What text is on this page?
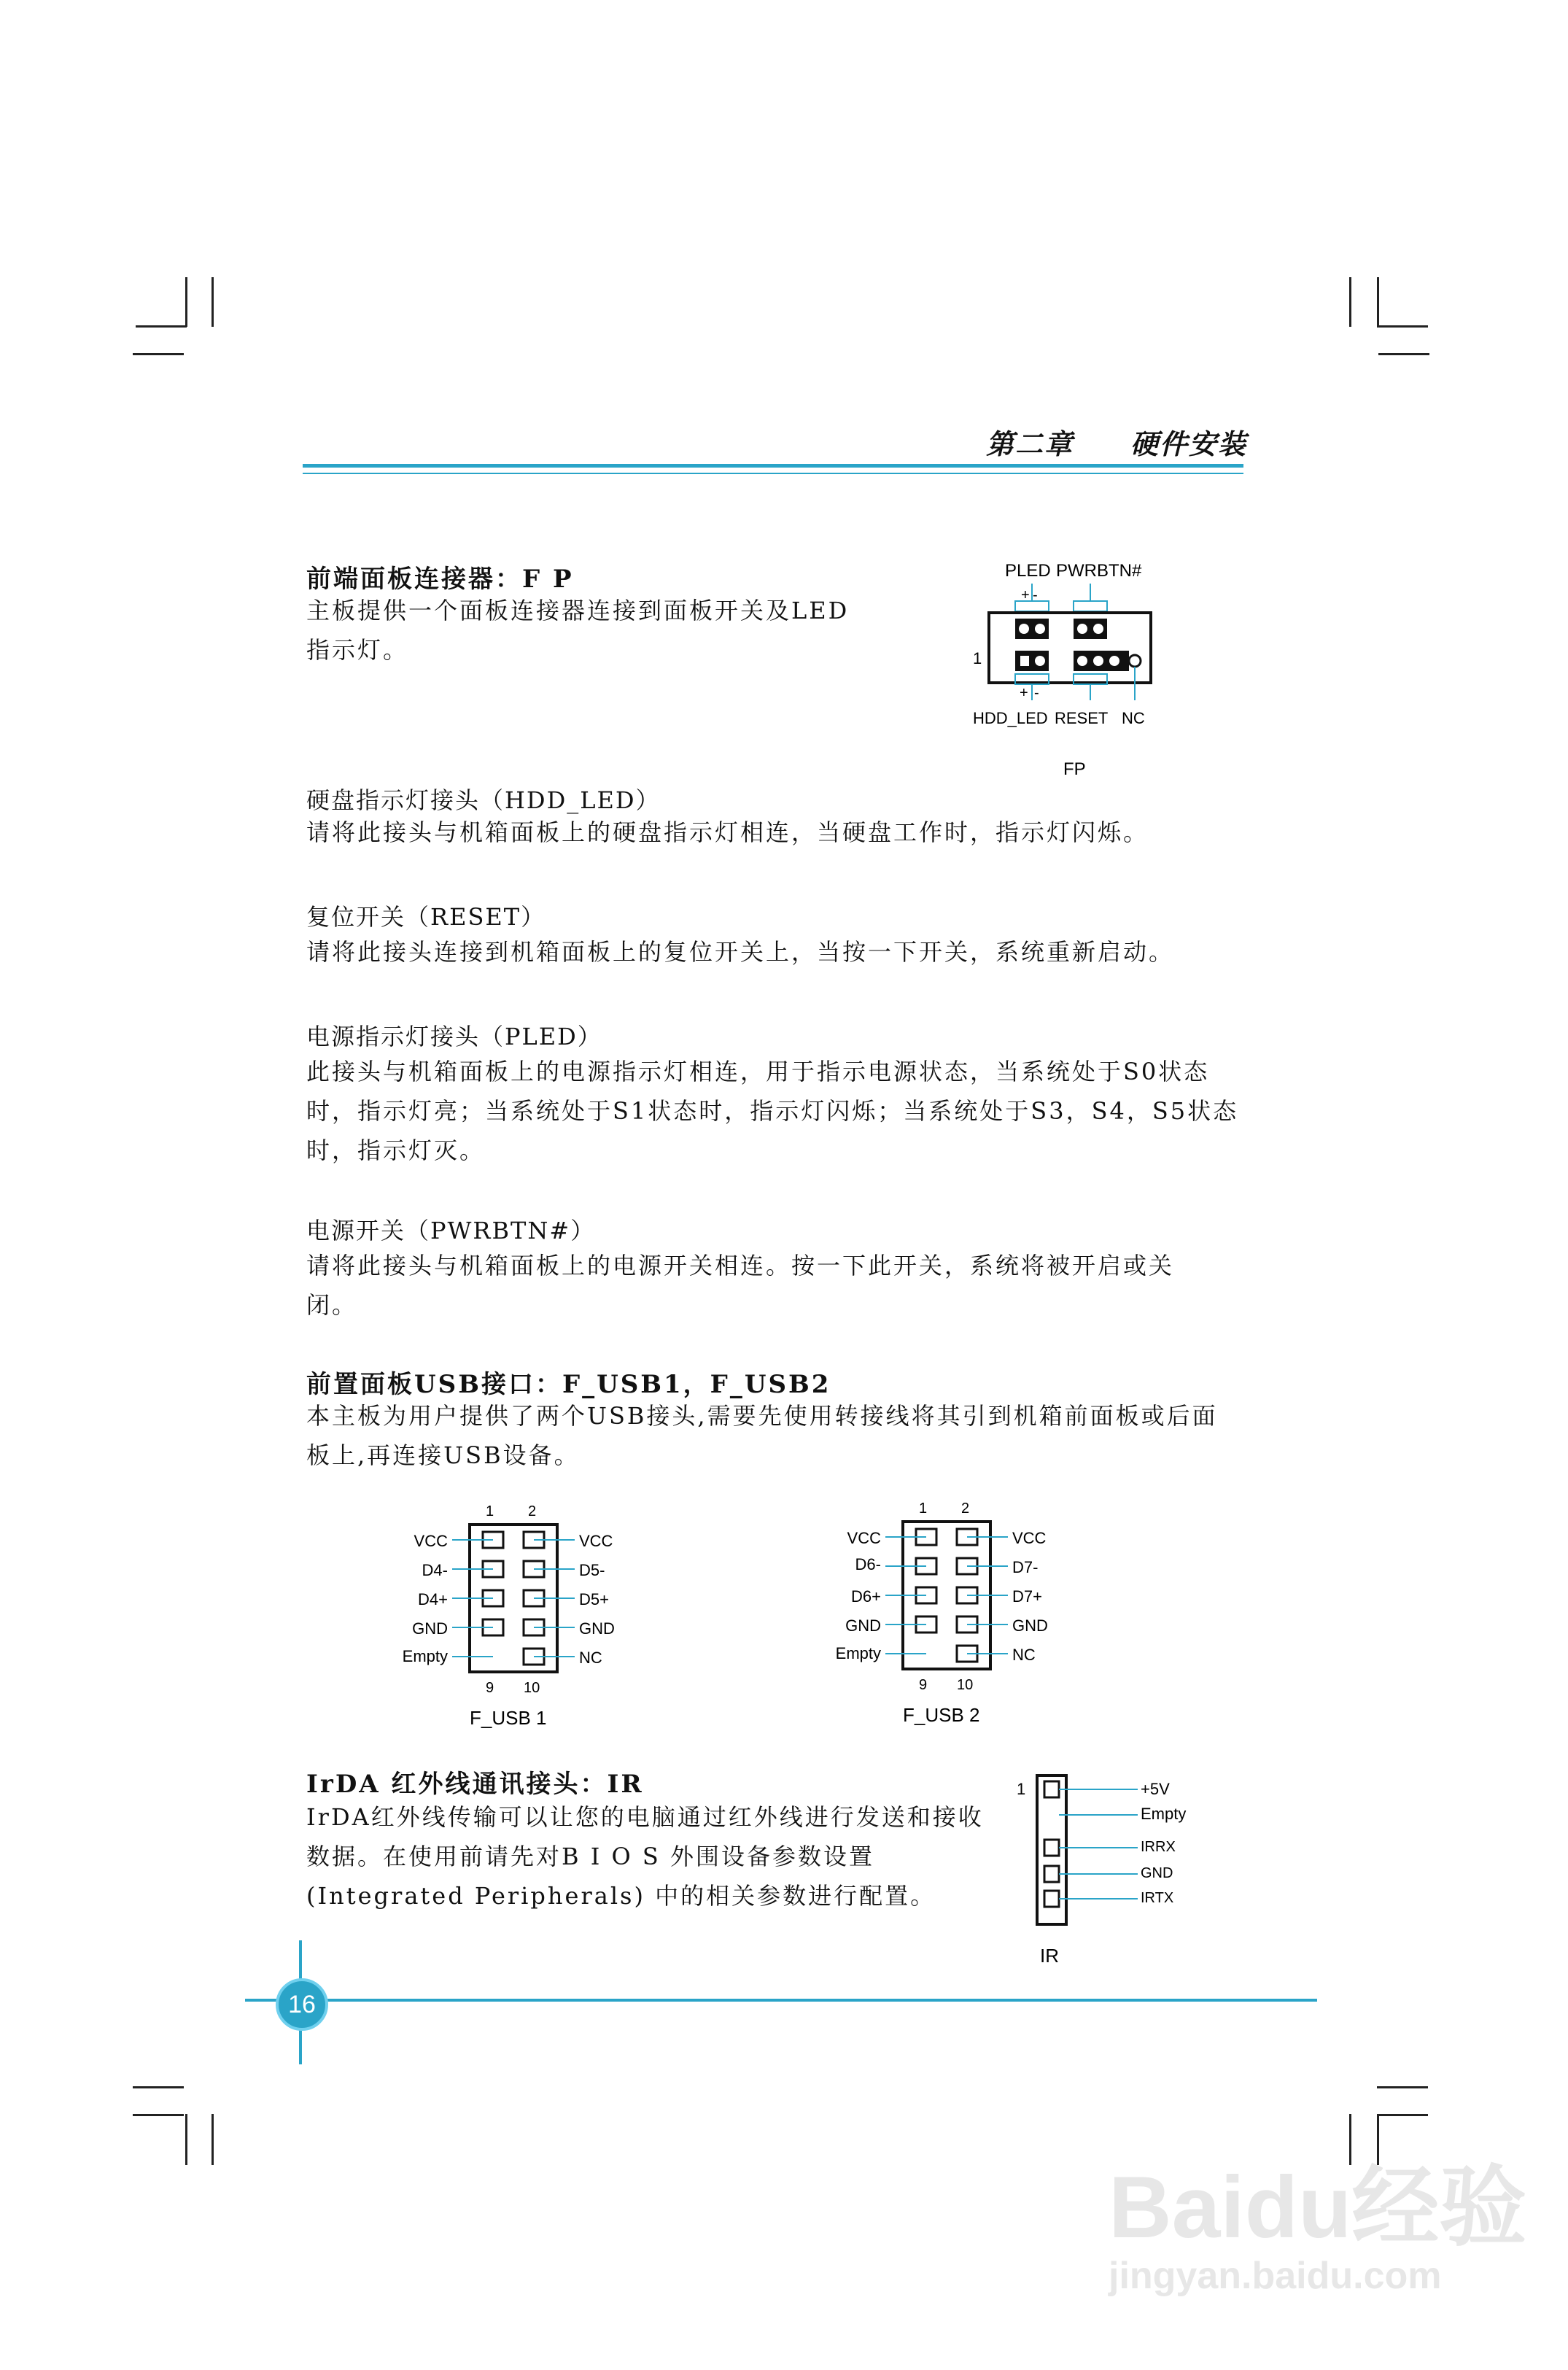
第二章 硬件安装
前端面板连接器：F P
主板提供一个面板连接器连接到面板开关及LED
指示灯。
PLED PWRBTN#
+ -
1
+ -
HDD_LED RESET NC
FP
硬盘指示灯接头（HDD_LED）
请将此接头与机箱面板上的硬盘指示灯相连，当硬盘工作时，指示灯闪烁。
复位开关（RESET）
请将此接头连接到机箱面板上的复位开关上，当按一下开关，系统重新启动。
电源指示灯接头（PLED）
此接头与机箱面板上的电源指示灯相连，用于指示电源状态，当系统处于S0状态
时，指示灯亮；当系统处于S1状态时，指示灯闪烁；当系统处于S3，S4，S5状态
时，指示灯灭。
电源开关（PWRBTN#）
请将此接头与机箱面板上的电源开关相连。按一下此开关，系统将被开启或关
闭。
前置面板USB接口：F_USB1，F_USB2
本主板为用户提供了两个USB接头,需要先使用转接线将其引到机箱前面板或后面
板上,再连接USB设备。
1 2
VCC
D4-
D4+
GND
Empty
VCC
D5-
D5+
GND
NC
9 10
F_USB 1
1 2
VCC
D6-
D6+
GND
Empty
VCC
D7-
D7+
GND
NC
9 10
F_USB 2
IrDA 红外线通讯接头：IR
IrDA红外线传输可以让您的电脑通过红外线进行发送和接收
数据。在使用前请先对B I O S 外围设备参数设置
(Integrated Peripherals) 中的相关参数进行配置。
1	+5V
Empty
IRRX
GND
IRTX
IR
16
Baidu经验
jingyan.baidu.com
